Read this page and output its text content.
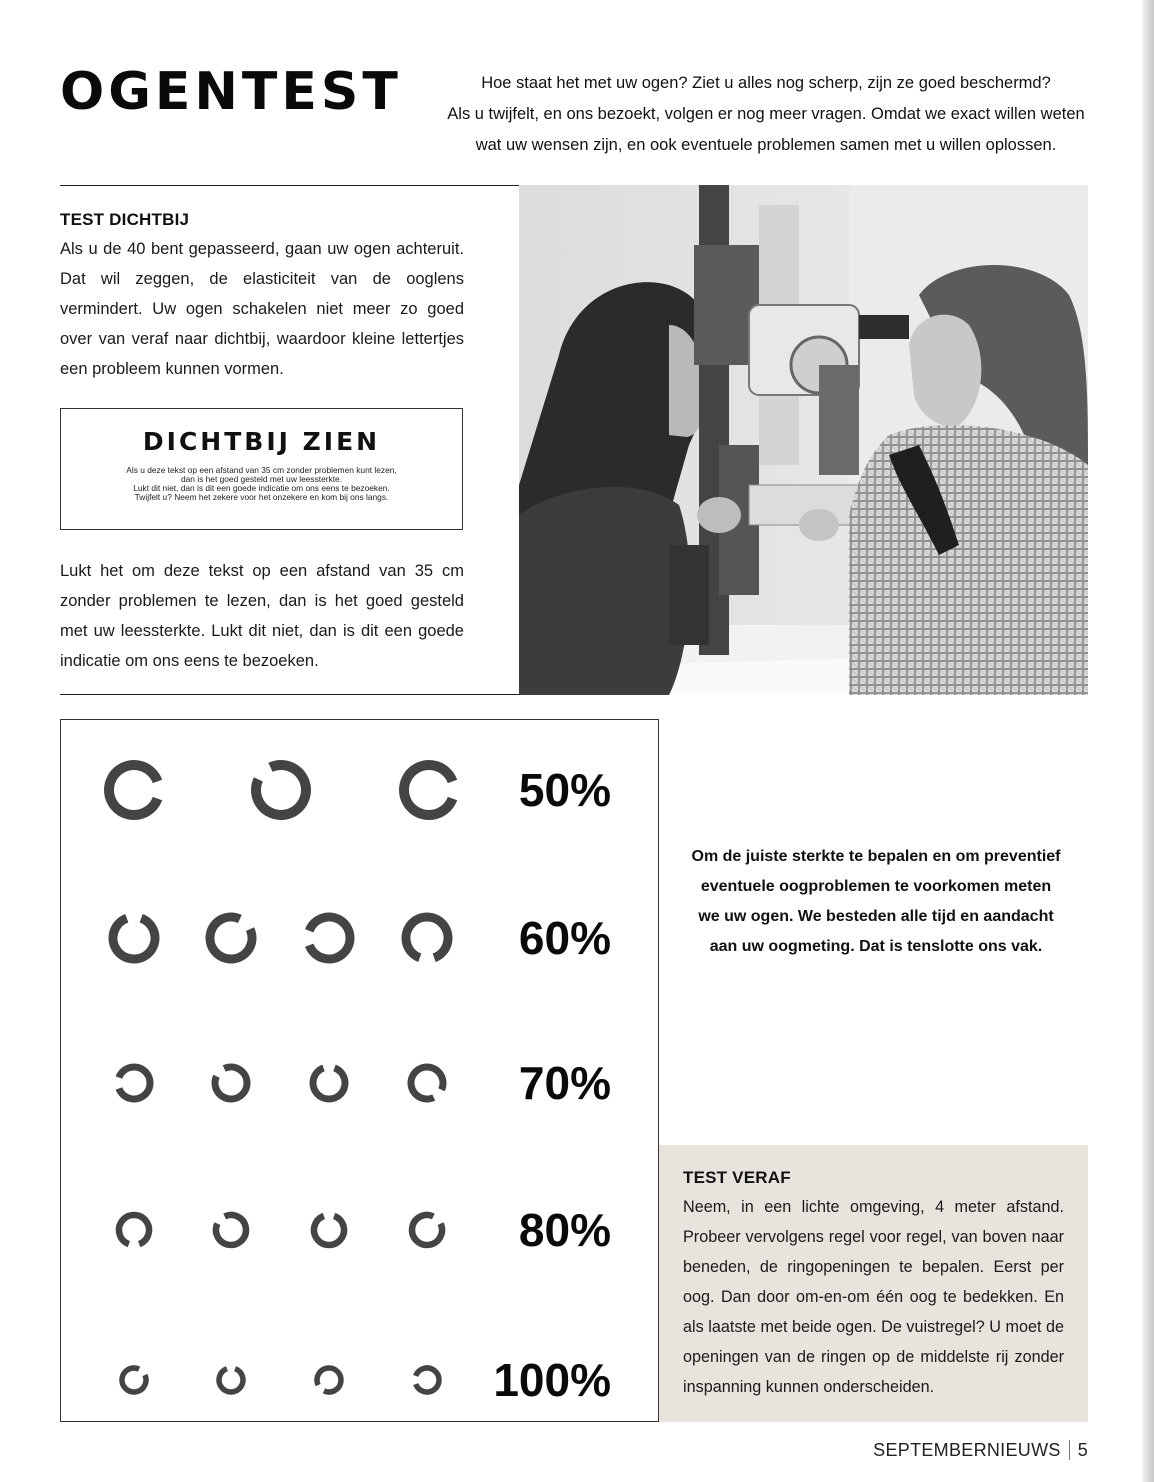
OGENTEST	Hoe staat het met uw ogen? Ziet u alles nog scherp, zijn ze goed beschermd?
Als u twijfelt, en ons bezoekt, volgen er nog meer vragen. Omdat we exact willen weten
wat uw wensen zijn, en ook eventuele problemen samen met u willen oplossen.
TEST DICHTBIJ

Als u de 40 bent gepasseerd, gaan uw ogen achteruit. Dat wil zeggen, de elasticiteit van de ooglens vermindert. Uw ogen schakelen niet meer zo goed over van veraf naar dichtbij, waardoor kleine lettertjes een probleem kunnen vormen.

DICHTBIJ ZIEN
Als u deze tekst op een afstand van 35 cm zonder problemen kunt lezen,
dan is het goed gesteld met uw leessterkte.
Lukt dit niet, dan is dit een goede indicatie om ons eens te bezoeken.
Twijfelt u? Neem het zekere voor het onzekere en kom bij ons langs.

Lukt het om deze tekst op een afstand van 35 cm zonder problemen te lezen, dan is het goed gesteld met uw leessterkte. Lukt dit niet, dan is dit een goede indicatie om ons eens te bezoeken.

50%
60%
70%
80%
100%
Om de juiste sterkte te bepalen en om preventief
eventuele oogproblemen te voorkomen meten
we uw ogen. We besteden alle tijd en aandacht
aan uw oogmeting. Dat is tenslotte ons vak.
TEST VERAF

Neem, in een lichte omgeving, 4 meter afstand. Probeer vervolgens regel voor regel, van boven naar beneden, de ringopeningen te bepalen. Eerst per oog. Dan door om-en-om één oog te bedekken. En als laatste met beide ogen. De vuistregel? U moet de openingen van de ringen op de middelste rij zonder inspanning kunnen onderscheiden.

SEPTEMBERNIEUWS 5
